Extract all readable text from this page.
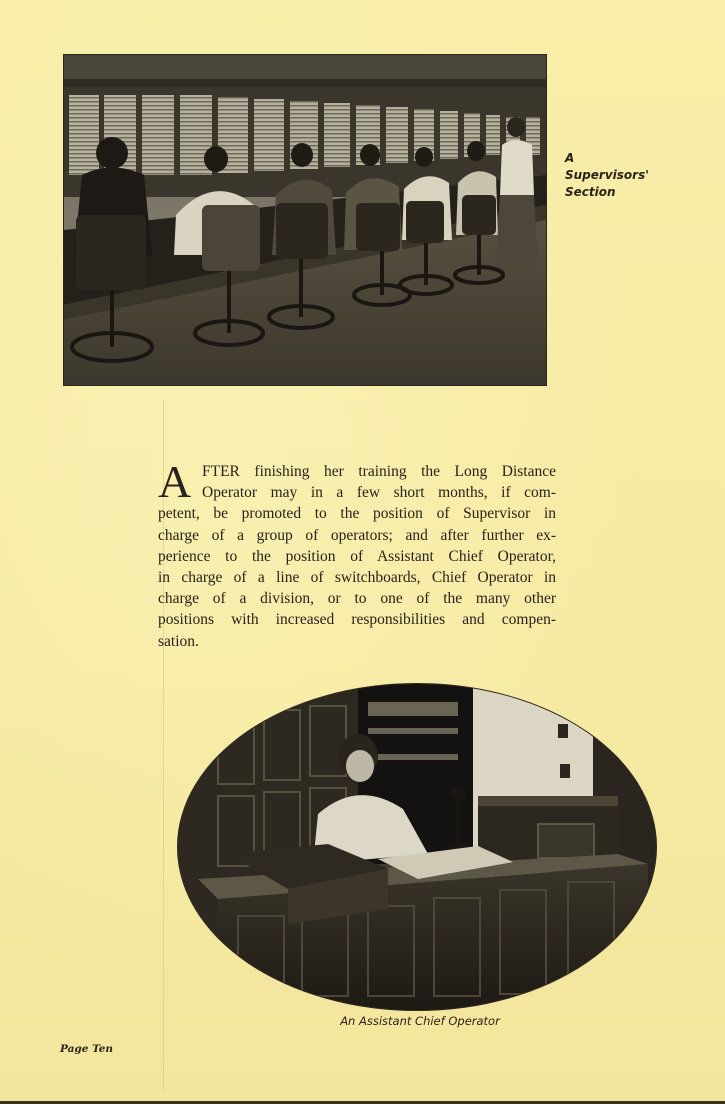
A
Supervisors'
Section
A FTER finishing her training the Long Distance
Operator may in a few short months, if com-
petent, be promoted to the position of Supervisor in
charge of a group of operators; and after further ex-
perience to the position of Assistant Chief Operator,
in charge of a line of switchboards, Chief Operator in
charge of a division, or to one of the many other
positions with increased responsibilities and compen-
sation.
An Assistant Chief Operator
Page Ten
